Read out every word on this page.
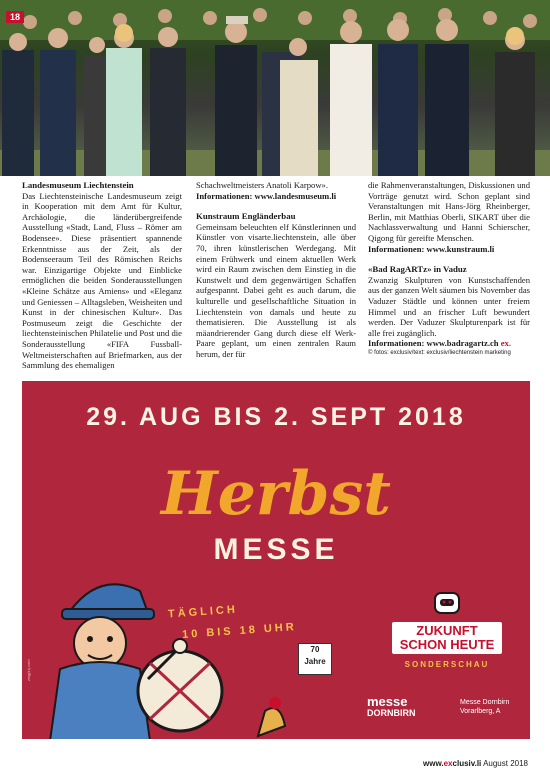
18
Landesmuseum Liechtenstein

Das Liechtensteinische Landesmuseum zeigt in Kooperation mit dem Amt für Kultur, Archäologie, die länderübergreifende Ausstellung «Stadt, Land, Fluss – Römer am Bodensee». Diese präsentiert spannende Erkenntnisse aus der Zeit, als der Bodenseeraum Teil des Römischen Reichs war. Einzigartige Objekte und Einblicke ermöglichen die beiden Sonderausstellungen «Kleine Schätze aus Amiens» und «Eleganz und Geniessen – Alltagsleben, Weisheiten und Kunst in der chinesischen Kultur». Das Postmuseum zeigt die Geschichte der liechtensteinischen Philatelie und Post und die Sonderausstellung «FIFA Fussball-Weltmeisterschaften auf Briefmarken, aus der Sammlung des ehemaligen

Schachweltmeisters Anatoli Karpow».

Informationen: www.landesmuseum.li

Kunstraum Engländerbau

Gemeinsam beleuchten elf Künstlerinnen und Künstler von visarte.liechtenstein, alle über 70, ihren künstlerischen Werdegang. Mit einem Frühwerk und einem aktuellen Werk wird ein Raum zwischen dem Einstieg in die Kunstwelt und dem gegenwärtigen Schaffen aufgespannt. Dabei geht es auch darum, die kulturelle und gesellschaftliche Situation in Liechtenstein von damals und heute zu thematisieren. Die Ausstellung ist als mäandrierender Gang durch diese elf Werk-Paare geplant, um einen zentralen Raum herum, der für

die Rahmenveranstaltungen, Diskussionen und Vorträge genutzt wird. Schon geplant sind Veranstaltungen mit Hans-Jörg Rheinberger, Berlin, mit Matthias Oberli, SIKART über die Nachlassverwaltung und Hanni Schierscher, Qigong für gereifte Menschen.

Informationen: www.kunstraum.li

«Bad RagARTz» in Vaduz

Zwanzig Skulpturen von Kunstschaffenden aus der ganzen Welt säumen bis November das Vaduzer Städtle und können unter freiem Himmel und an frischer Luft bewundert werden. Der Vaduzer Skulpturenpark ist für alle frei zugänglich.

Informationen: www.badragartz.ch ex.

© fotos: exclusiv/text: exclusiv/liechtenstein marketing

29. AUG BIS 2. SEPT 2018
Herbst
MESSE
TÄGLICH
10 BIS 18 UHR
70
Jahre
ZUKUNFT
SCHON HEUTE
SONDERSCHAU
messe
DORNBIRN
Messe Dornbirn
Vorarlberg, A
zwg(in).com
www.exclusiv.li August 2018
